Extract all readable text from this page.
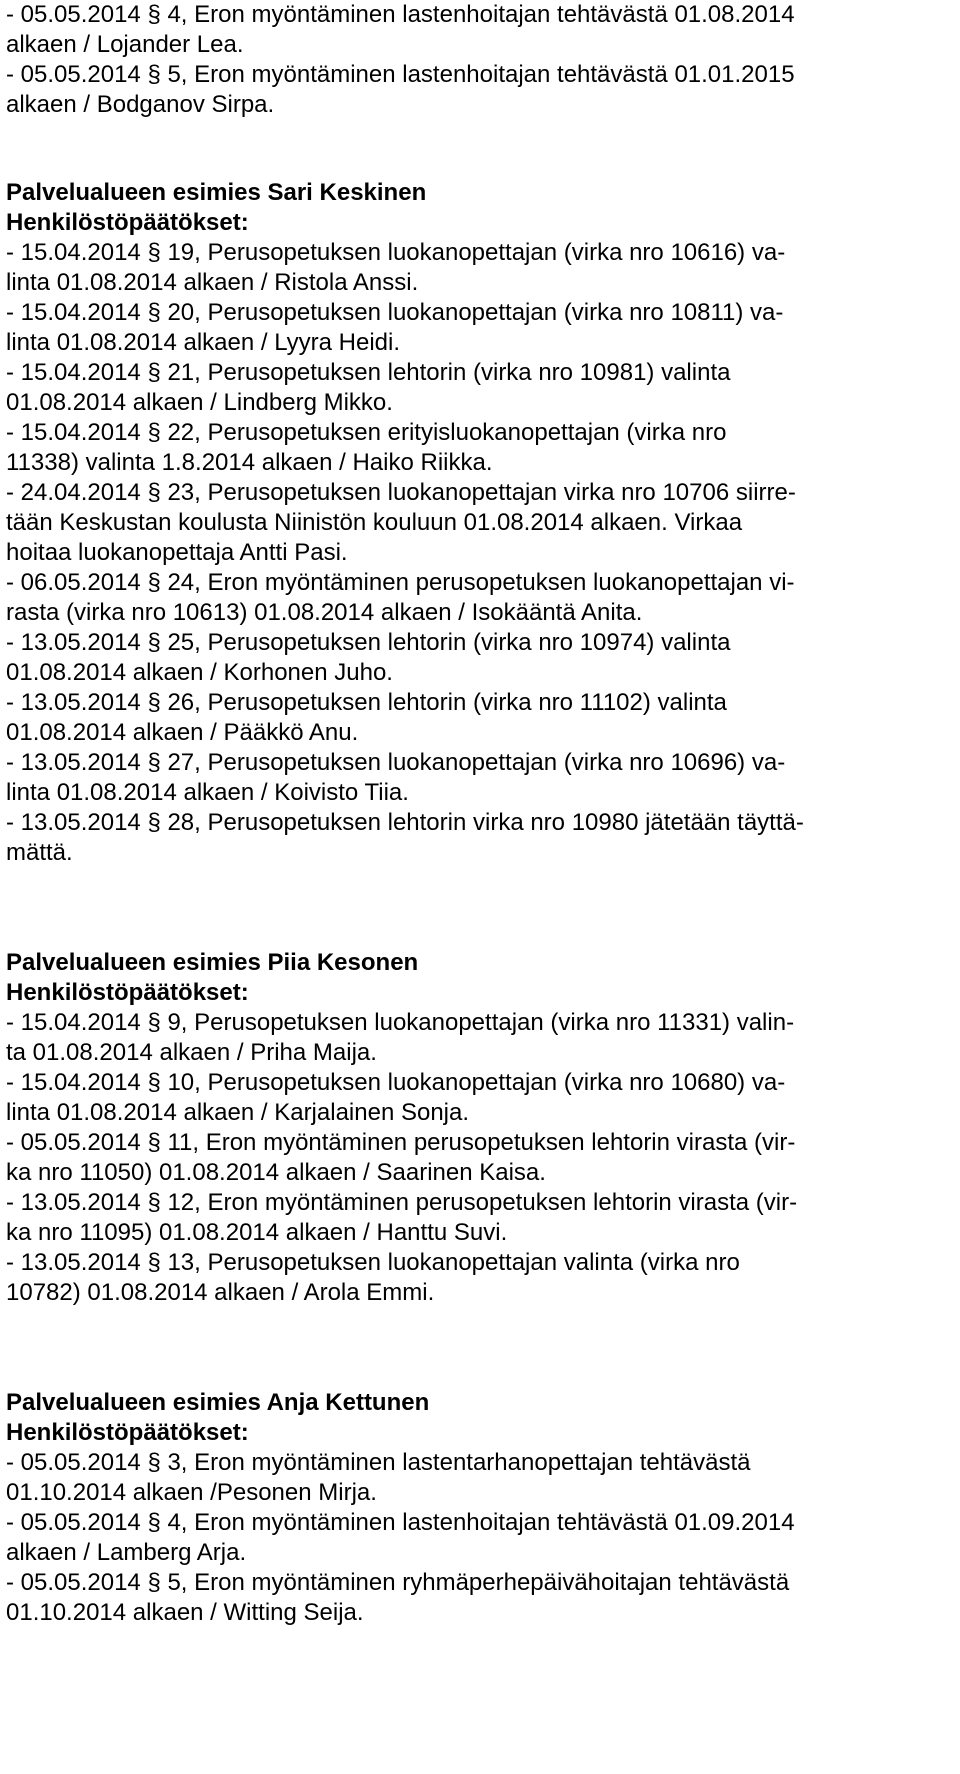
- 05.05.2014 § 4, Eron myöntäminen lastenhoitajan tehtävästä 01.08.2014
alkaen / Lojander Lea.
- 05.05.2014 § 5, Eron myöntäminen lastenhoitajan tehtävästä 01.01.2015
alkaen / Bodganov Sirpa.
Palvelualueen esimies Sari Keskinen
Henkilöstöpäätökset:
- 15.04.2014 § 19, Perusopetuksen luokanopettajan (virka nro 10616) va-
linta 01.08.2014 alkaen / Ristola Anssi.
- 15.04.2014 § 20, Perusopetuksen luokanopettajan (virka nro 10811) va-
linta 01.08.2014 alkaen / Lyyra Heidi.
- 15.04.2014 § 21, Perusopetuksen lehtorin (virka nro 10981) valinta
01.08.2014 alkaen / Lindberg Mikko.
- 15.04.2014 § 22, Perusopetuksen erityisluokanopettajan (virka nro
11338) valinta 1.8.2014 alkaen / Haiko Riikka.
- 24.04.2014 § 23, Perusopetuksen luokanopettajan virka nro 10706 siirre-
tään Keskustan koulusta Niinistön kouluun 01.08.2014 alkaen. Virkaa
hoitaa luokanopettaja Antti Pasi.
- 06.05.2014 § 24, Eron myöntäminen perusopetuksen luokanopettajan vi-
rasta (virka nro 10613) 01.08.2014 alkaen / Isokääntä Anita.
- 13.05.2014 § 25, Perusopetuksen lehtorin (virka nro 10974) valinta
01.08.2014 alkaen / Korhonen Juho.
- 13.05.2014 § 26, Perusopetuksen lehtorin (virka nro 11102) valinta
01.08.2014 alkaen / Pääkkö Anu.
- 13.05.2014 § 27, Perusopetuksen luokanopettajan (virka nro 10696) va-
linta 01.08.2014 alkaen / Koivisto Tiia.
- 13.05.2014 § 28, Perusopetuksen lehtorin virka nro 10980 jätetään täyttä-
mättä.
Palvelualueen esimies Piia Kesonen
Henkilöstöpäätökset:
- 15.04.2014 § 9, Perusopetuksen luokanopettajan (virka nro 11331) valin-
ta 01.08.2014 alkaen / Priha Maija.
- 15.04.2014 § 10, Perusopetuksen luokanopettajan (virka nro 10680) va-
linta 01.08.2014 alkaen / Karjalainen Sonja.
- 05.05.2014 § 11, Eron myöntäminen perusopetuksen lehtorin virasta (vir-
ka nro 11050) 01.08.2014 alkaen / Saarinen Kaisa.
- 13.05.2014 § 12, Eron myöntäminen perusopetuksen lehtorin virasta (vir-
ka nro 11095) 01.08.2014 alkaen / Hanttu Suvi.
- 13.05.2014 § 13, Perusopetuksen luokanopettajan valinta (virka nro
10782) 01.08.2014 alkaen / Arola Emmi.
Palvelualueen esimies Anja Kettunen
Henkilöstöpäätökset:
- 05.05.2014 § 3, Eron myöntäminen lastentarhanopettajan tehtävästä
01.10.2014 alkaen /Pesonen Mirja.
- 05.05.2014 § 4, Eron myöntäminen lastenhoitajan tehtävästä 01.09.2014
alkaen / Lamberg Arja.
- 05.05.2014 § 5, Eron myöntäminen ryhmäperhepäivähoitajan tehtävästä
01.10.2014 alkaen / Witting Seija.
